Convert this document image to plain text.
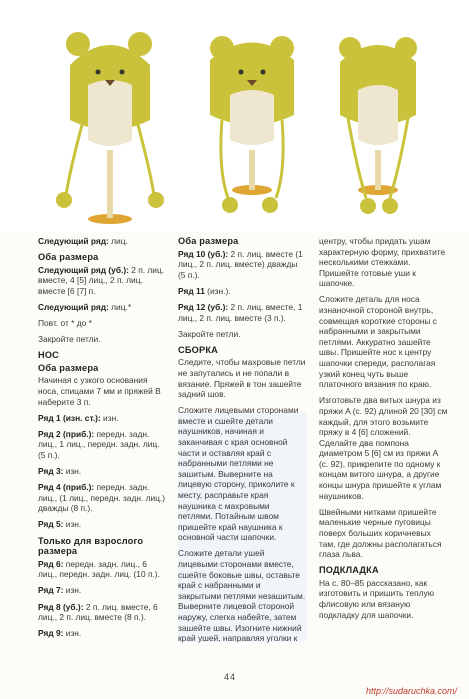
Следующий ряд: лиц.
Оба размера
Следующий ряд (уб.): 2 п. лиц. вместе, 4 [5] лиц., 2 п. лиц. вместе [6 [7] п.
Следующий ряд: лиц.*
Повт. от * до *
Закройте петли.
НОС
Оба размера
Начиная с узкого основания носа, спицами 7 мм и пряжей B наберите 3 п.
Ряд 1 (изн. ст.): изн.
Ряд 2 (приб.): передн. задн. лиц., 1 лиц., передн. задн. лиц. (5 п.).
Ряд 3: изн.
Ряд 4 (приб.): передн. задн. лиц., (1 лиц., передн. задн. лиц.) дважды (8 п.).
Ряд 5: изн.
Только для взрослого размера
Ряд 6: передн. задн. лиц., 6 лиц., передн. задн. лиц. (10 п.).
Ряд 7: изн.
Ряд 8 (уб.): 2 п. лиц. вместе, 6 лиц., 2 п. лиц. вместе (8 п.).
Ряд 9: изн.
Оба размера
Ряд 10 (уб.): 2 п. лиц. вместе (1 лиц., 2 п. лиц. вместе) дважды (5 п.).
Ряд 11 (изн.).
Ряд 12 (уб.): 2 п. лиц. вместе, 1 лиц., 2 п. лиц. вместе (3 п.).
Закройте петли.
СБОРКА
Следите, чтобы махровые петли не запутались и не попали в вязание. Пряжей в тон зашейте задний шов.
Сложите лицевыми сторонами вместе и сшейте детали наушников, начиная и заканчивая с края основной части и оставляя край с набранными петлями не зашитым. Выверните на лицевую сторону, приколите к месту, расправьте края наушника с махровыми петлями. Потайным швом пришейте край наушника к основной части шапочки.
Сложите детали ушей лицевыми сторонами вместе, сшейте боковые швы, оставьте край с набранными и закрытыми петлями незашитым. Выверните лицевой стороной наружу, слегка набейте, затем зашейте швы. Изогните нижний край ушей, направляя уголки к
центру, чтобы придать ушам характерную форму, прихватите несколькими стежками. Пришейте готовые уши к шапочке.
Сложите деталь для носа изнаночной стороной внутрь, совмещая короткие стороны с набранными и закрытыми петлями. Аккуратно зашейте швы. Пришейте нос к центру шапочки спереди, располагая узкий конец чуть выше платочного вязания по краю.
Изготовьте два витых шнура из пряжи A (с. 92) длиной 20 [30] см каждый, для этого возьмите пряжу в 4 [6] сложений. Сделайте два помпона диаметром 5 [6] см из пряжи A (с. 92), прикрепите по одному к концам витого шнура, а другие концы шнура пришейте к углам наушников.
Швейными нитками пришейте маленькие черные пуговицы поверх больших коричневых там, где должны располагаться глаза льва.
ПОДКЛАДКА
На с. 80–85 рассказано, как изготовить и пришить теплую флисовую или вязаную подкладку для шапочки.
44
http://sudaruchka.com/
